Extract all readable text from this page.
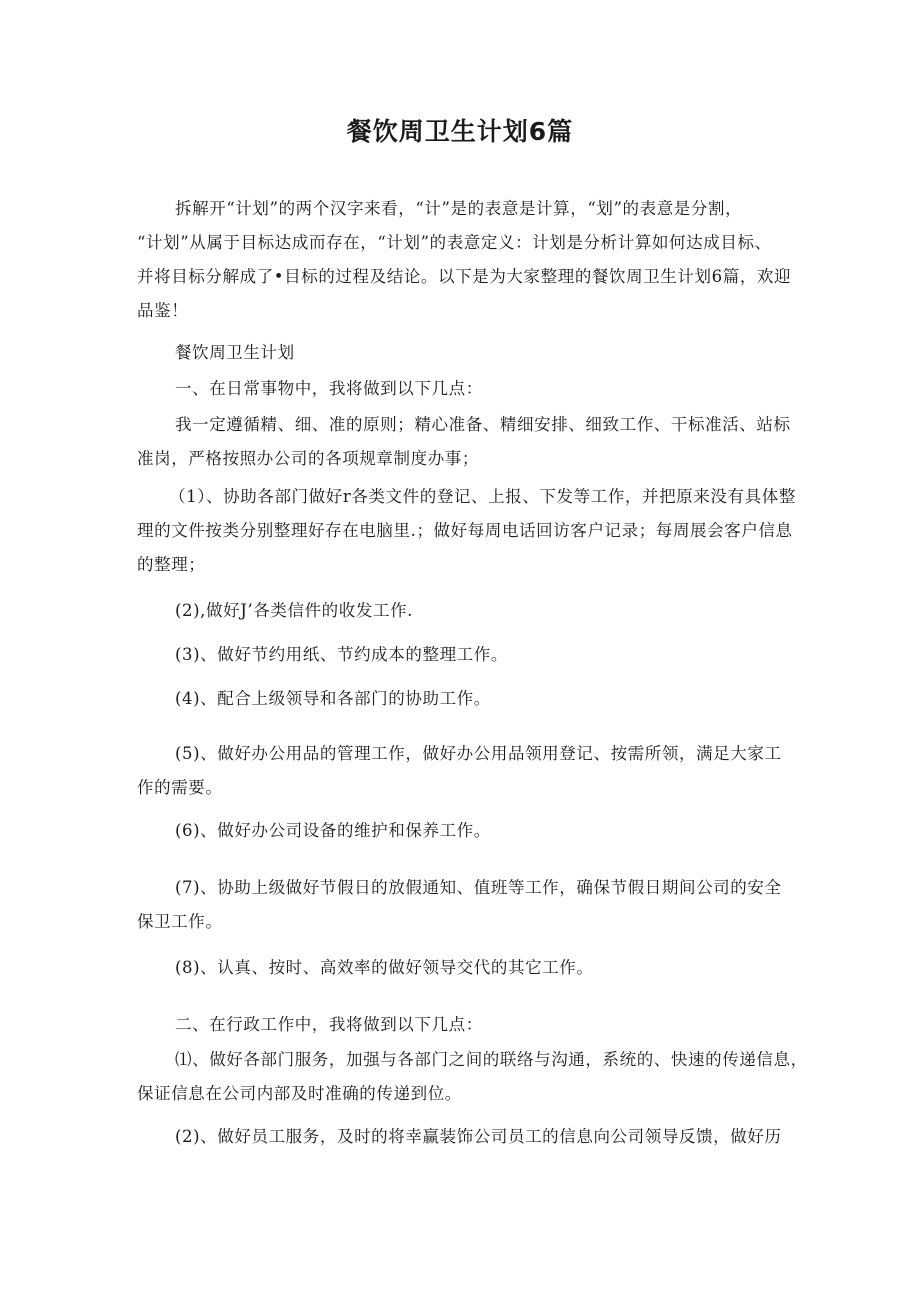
餐饮周卫生计划6篇
拆解开“计划”的两个汉字来看，“计”是的表意是计算，“划”的表意是分割，
“计划”从属于目标达成而存在，“计划”的表意定义：计划是分析计算如何达成目标、
并将目标分解成了•目标的过程及结论。以下是为大家整理的餐饮周卫生计划6篇，欢迎
品鉴！
餐饮周卫生计划
一、在日常事物中，我将做到以下几点：
我一定遵循精、细、准的原则；精心准备、精细安排、细致工作、干标准活、站标
准岗，严格按照办公司的各项规章制度办事；
（1）、协助各部门做好r各类文件的登记、上报、下发等工作，并把原来没有具体整
理的文件按类分别整理好存在电脑里.；做好每周电话回访客户记录；每周展会客户信息
的整理；
(2),做好J’各类信件的收发工作.
(3)、做好节约用纸、节约成本的整理工作。
(4)、配合上级领导和各部门的协助工作。
(5)、做好办公用品的管理工作，做好办公用品领用登记、按需所领，满足大家工
作的需要。
(6)、做好办公司设备的维护和保养工作。
(7)、协助上级做好节假日的放假通知、值班等工作，确保节假日期间公司的安全
保卫工作。
(8)、认真、按时、高效率的做好领导交代的其它工作。
二、在行政工作中，我将做到以下几点：
⑴、做好各部门服务，加强与各部门之间的联络与沟通，系统的、快速的传递信息，
保证信息在公司内部及时准确的传递到位。
(2)、做好员工服务，及时的将幸赢装饰公司员工的信息向公司领导反馈，做好历
